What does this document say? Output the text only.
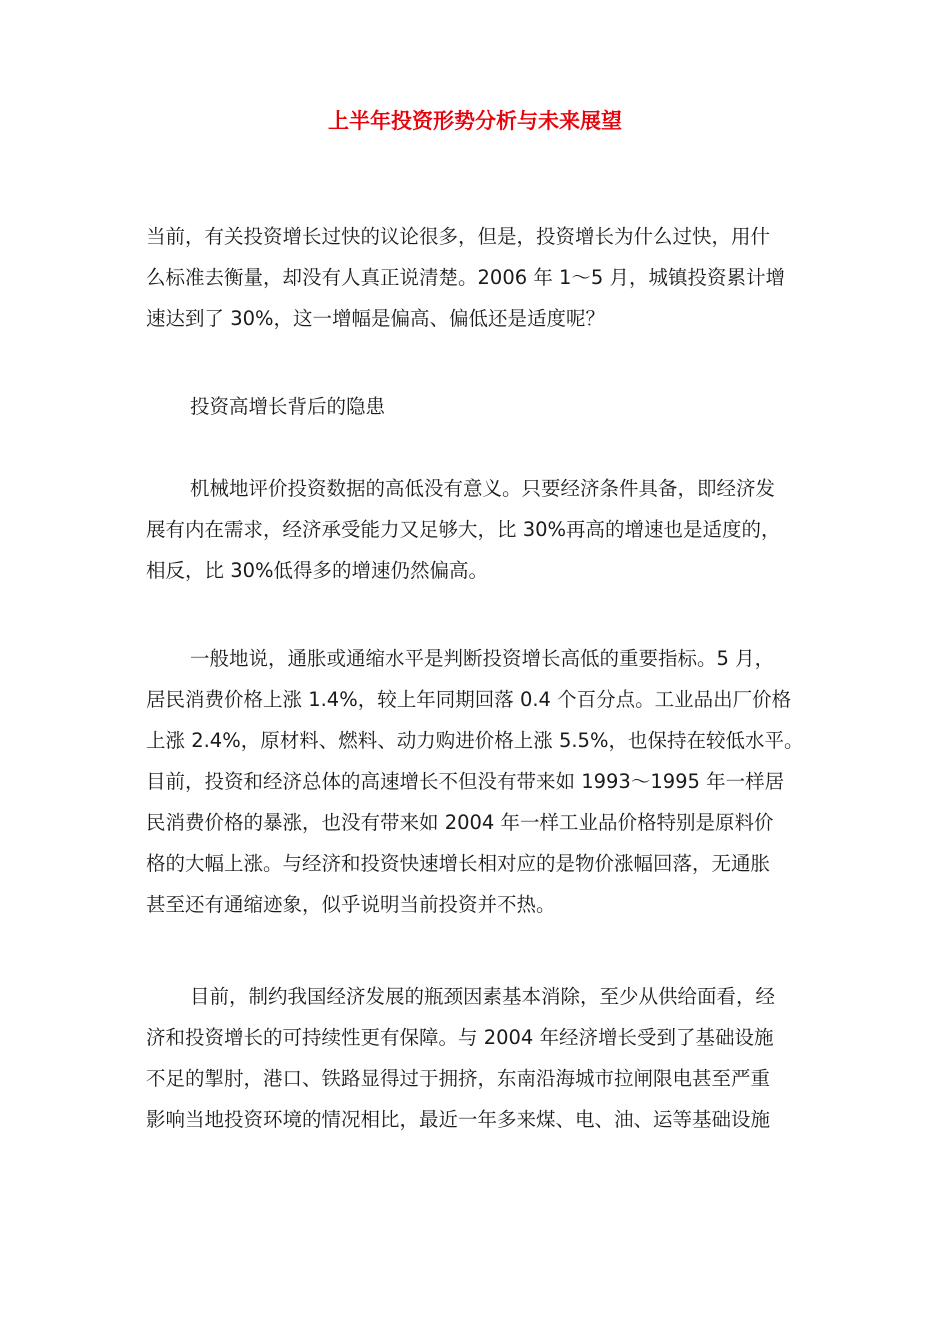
上半年投资形势分析与未来展望
当前，有关投资增长过快的议论很多，但是，投资增长为什么过快，用什
么标准去衡量，却没有人真正说清楚。2006 年 1～5 月，城镇投资累计增
速达到了 30%，这一增幅是偏高、偏低还是适度呢？
投资高增长背后的隐患
机械地评价投资数据的高低没有意义。只要经济条件具备，即经济发
展有内在需求，经济承受能力又足够大，比 30%再高的增速也是适度的，
相反，比 30%低得多的增速仍然偏高。
一般地说，通胀或通缩水平是判断投资增长高低的重要指标。5 月，
居民消费价格上涨 1.4%，较上年同期回落 0.4 个百分点。工业品出厂价格
上涨 2.4%，原材料、燃料、动力购进价格上涨 5.5%，也保持在较低水平。
目前，投资和经济总体的高速增长不但没有带来如 1993～1995 年一样居
民消费价格的暴涨，也没有带来如 2004 年一样工业品价格特别是原料价
格的大幅上涨。与经济和投资快速增长相对应的是物价涨幅回落，无通胀
甚至还有通缩迹象，似乎说明当前投资并不热。
目前，制约我国经济发展的瓶颈因素基本消除，至少从供给面看，经
济和投资增长的可持续性更有保障。与 2004 年经济增长受到了基础设施
不足的掣肘，港口、铁路显得过于拥挤，东南沿海城市拉闸限电甚至严重
影响当地投资环境的情况相比，最近一年多来煤、电、油、运等基础设施
